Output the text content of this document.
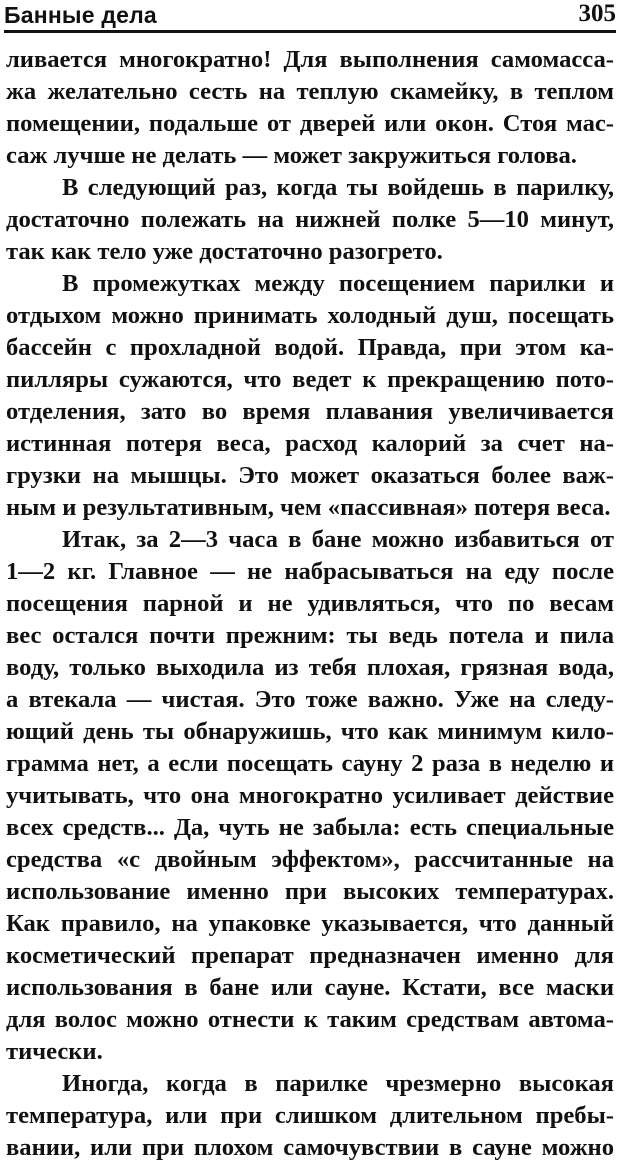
Банные дела	305
ливается многократно! Для выполнения самомасса-
жа желательно сесть на теплую скамейку, в теплом
помещении, подальше от дверей или окон. Стоя мас-
саж лучше не делать — может закружиться голова.
В следующий раз, когда ты войдешь в парилку,
достаточно полежать на нижней полке 5—10 минут,
так как тело уже достаточно разогрето.
В промежутках между посещением парилки и
отдыхом можно принимать холодный душ, посещать
бассейн с прохладной водой. Правда, при этом ка-
пилляры сужаются, что ведет к прекращению пото-
отделения, зато во время плавания увеличивается
истинная потеря веса, расход калорий за счет на-
грузки на мышцы. Это может оказаться более важ-
ным и результативным, чем «пассивная» потеря веса.
Итак, за 2—3 часа в бане можно избавиться от
1—2 кг. Главное — не набрасываться на еду после
посещения парной и не удивляться, что по весам
вес остался почти прежним: ты ведь потела и пила
воду, только выходила из тебя плохая, грязная вода,
а втекала — чистая. Это тоже важно. Уже на следу-
ющий день ты обнаружишь, что как минимум кило-
грамма нет, а если посещать сауну 2 раза в неделю и
учитывать, что она многократно усиливает действие
всех средств... Да, чуть не забыла: есть специальные
средства «с двойным эффектом», рассчитанные на
использование именно при высоких температурах.
Как правило, на упаковке указывается, что данный
косметический препарат предназначен именно для
использования в бане или сауне. Кстати, все маски
для волос можно отнести к таким средствам автома-
тически.
Иногда, когда в парилке чрезмерно высокая
температура, или при слишком длительном пребы-
вании, или при плохом самочувствии в сауне можно
